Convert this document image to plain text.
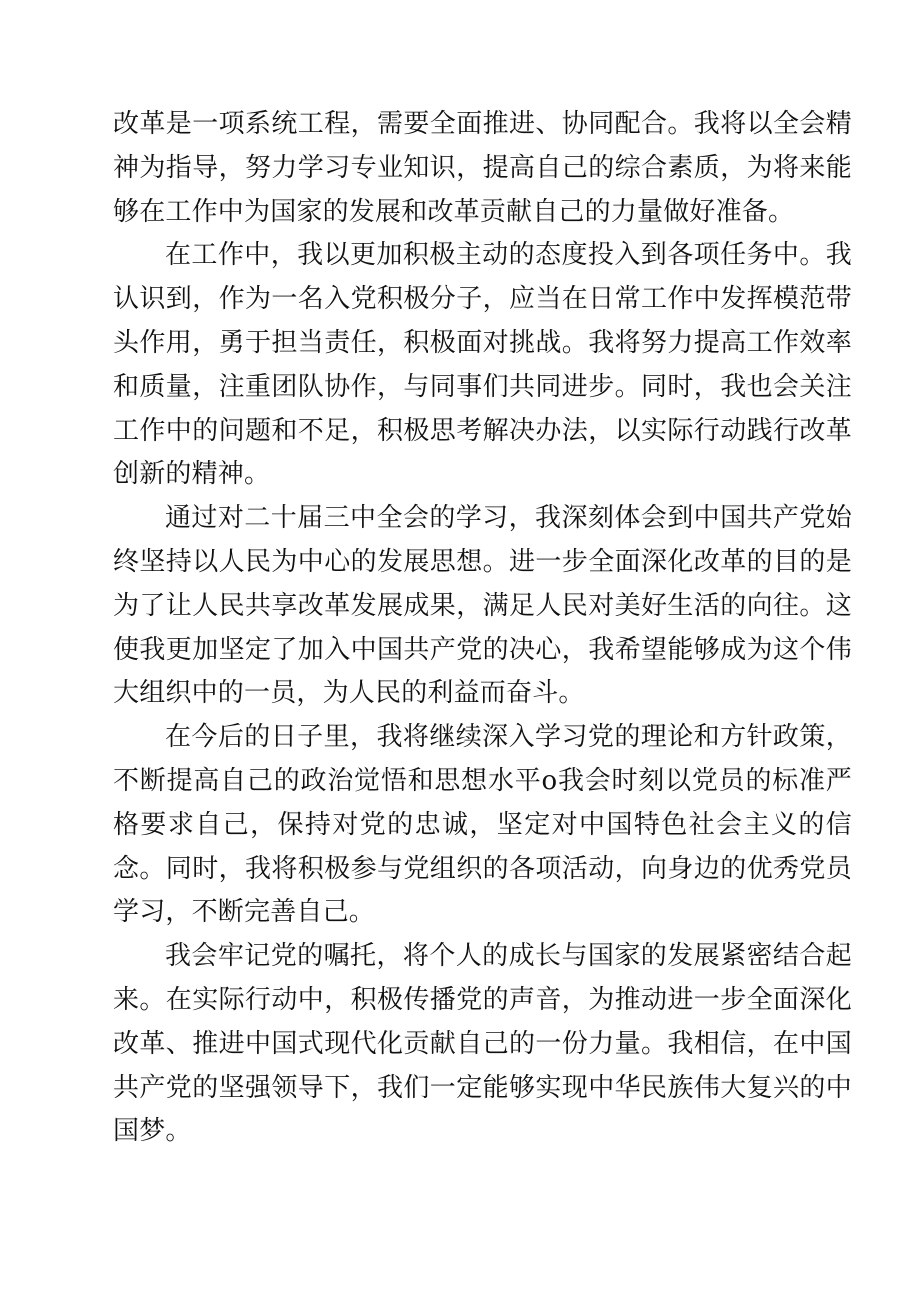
改革是一项系统工程，需要全面推进、协同配合。我将以全会精神为指导，努力学习专业知识，提高自己的综合素质，为将来能够在工作中为国家的发展和改革贡献自己的力量做好准备。

在工作中，我以更加积极主动的态度投入到各项任务中。我认识到，作为一名入党积极分子，应当在日常工作中发挥模范带头作用，勇于担当责任，积极面对挑战。我将努力提高工作效率和质量，注重团队协作，与同事们共同进步。同时，我也会关注工作中的问题和不足，积极思考解决办法，以实际行动践行改革创新的精神。

通过对二十届三中全会的学习，我深刻体会到中国共产党始终坚持以人民为中心的发展思想。进一步全面深化改革的目的是为了让人民共享改革发展成果，满足人民对美好生活的向往。这使我更加坚定了加入中国共产党的决心，我希望能够成为这个伟大组织中的一员，为人民的利益而奋斗。

在今后的日子里，我将继续深入学习党的理论和方针政策，不断提高自己的政治觉悟和思想水平o我会时刻以党员的标准严格要求自己，保持对党的忠诚，坚定对中国特色社会主义的信念。同时，我将积极参与党组织的各项活动，向身边的优秀党员学习，不断完善自己。

我会牢记党的嘱托，将个人的成长与国家的发展紧密结合起来。在实际行动中，积极传播党的声音，为推动进一步全面深化改革、推进中国式现代化贡献自己的一份力量。我相信，在中国共产党的坚强领导下，我们一定能够实现中华民族伟大复兴的中国梦。
